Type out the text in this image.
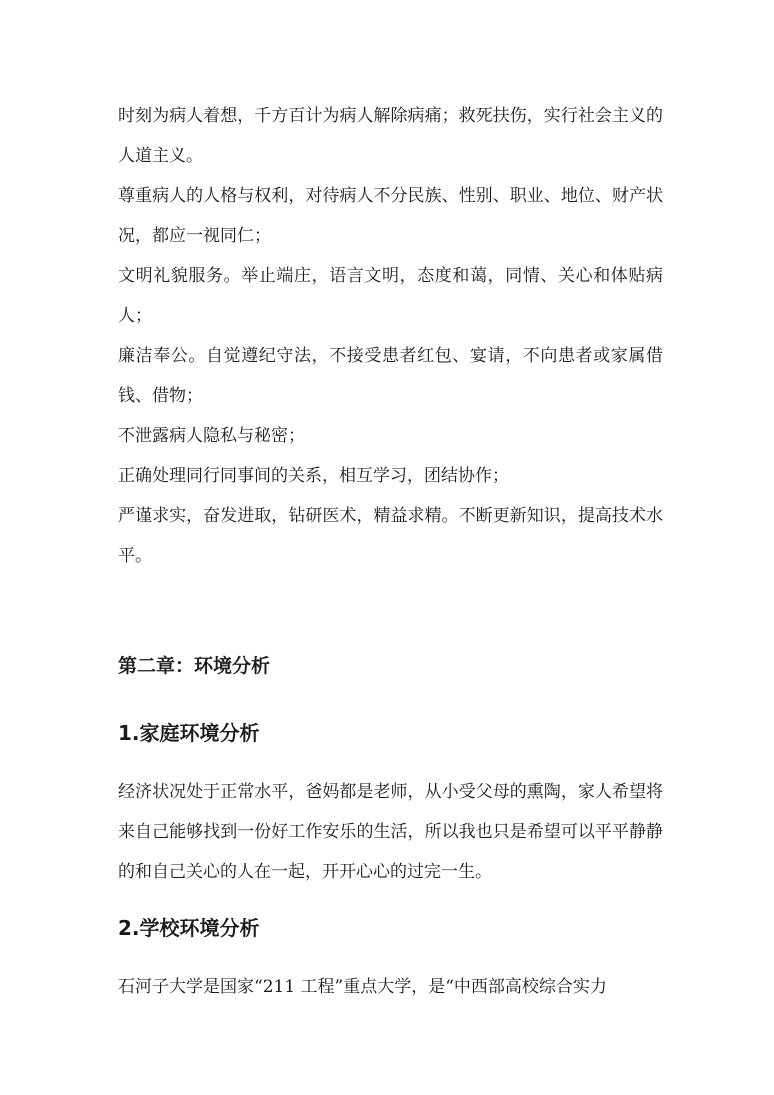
时刻为病人着想，千方百计为病人解除病痛；救死扶伤，实行社会主义的人道主义。

尊重病人的人格与权利，对待病人不分民族、性别、职业、地位、财产状况，都应一视同仁；

文明礼貌服务。举止端庄，语言文明，态度和蔼，同情、关心和体贴病人；

廉洁奉公。自觉遵纪守法，不接受患者红包、宴请，不向患者或家属借钱、借物；

不泄露病人隐私与秘密；

正确处理同行同事间的关系，相互学习，团结协作；

严谨求实，奋发进取，钻研医术，精益求精。不断更新知识，提高技术水平。

第二章：环境分析
1.家庭环境分析

经济状况处于正常水平，爸妈都是老师，从小受父母的熏陶，家人希望将来自己能够找到一份好工作安乐的生活，所以我也只是希望可以平平静静的和自己关心的人在一起，开开心心的过完一生。

2.学校环境分析

石河子大学是国家“211 工程”重点大学，是“中西部高校综合实力
